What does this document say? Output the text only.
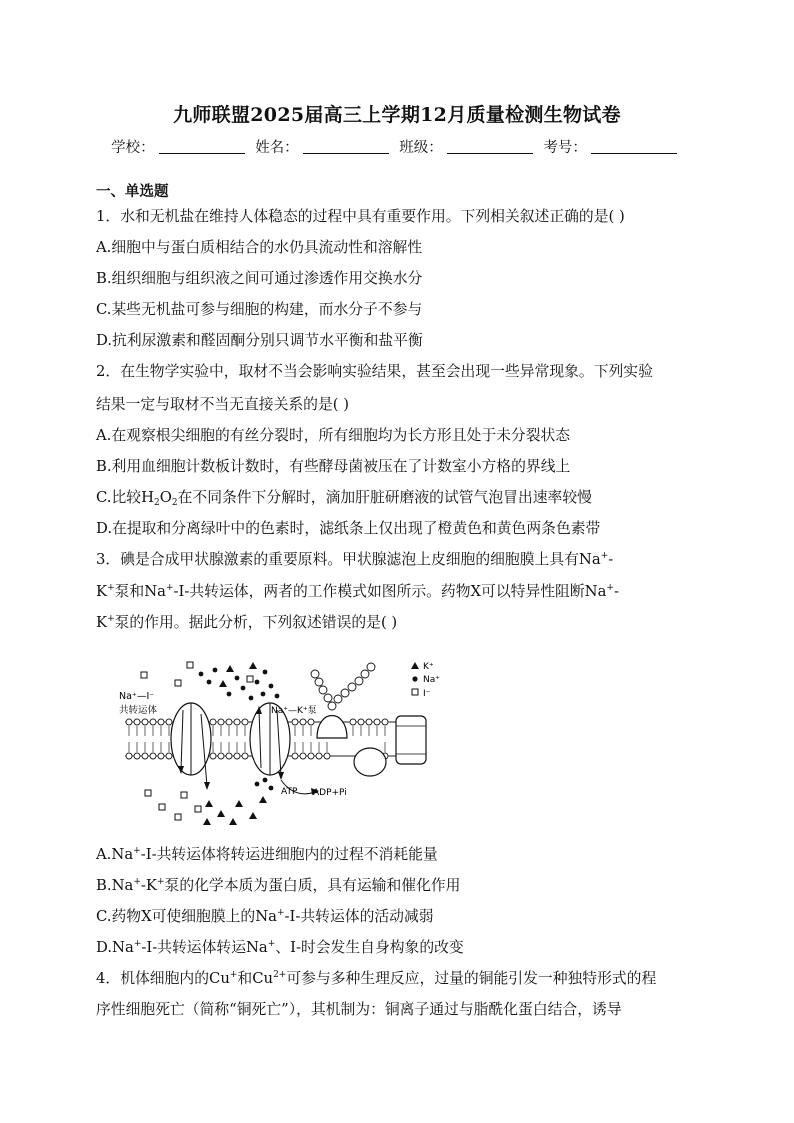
九师联盟2025届高三上学期12月质量检测生物试卷
学校：	姓名：	班级：	考号：
一、单选题
1．水和无机盐在维持人体稳态的过程中具有重要作用。下列相关叙述正确的是( )
A.细胞中与蛋白质相结合的水仍具流动性和溶解性
B.组织细胞与组织液之间可通过渗透作用交换水分
C.某些无机盐可参与细胞的构建，而水分子不参与
D.抗利尿激素和醛固酮分别只调节水平衡和盐平衡
2．在生物学实验中，取材不当会影响实验结果，甚至会出现一些异常现象。下列实验
结果一定与取材不当无直接关系的是( )
A.在观察根尖细胞的有丝分裂时，所有细胞均为长方形且处于未分裂状态
B.利用血细胞计数板计数时，有些酵母菌被压在了计数室小方格的界线上
C.比较$H_2O_2$在不同条件下分解时，滴加肝脏研磨液的试管气泡冒出速率较慢
D.在提取和分离绿叶中的色素时，滤纸条上仅出现了橙黄色和黄色两条色素带
3．碘是合成甲状腺激素的重要原料。甲状腺滤泡上皮细胞的细胞膜上具有Na+-
K+泵和Na+-I-共转运体，两者的工作模式如图所示。药物X可以特异性阻断Na+-
K+泵的作用。据此分析，下列叙述错误的是( )
Na⁺—I⁻
共转运体	Na⁺—K⁺泵
ATP ADP+Pi
K⁺
Na⁺
I⁻
A.Na+-I-共转运体将转运进细胞内的过程不消耗能量
B.Na+-K+泵的化学本质为蛋白质，具有运输和催化作用
C.药物X可使细胞膜上的Na+-I-共转运体的活动减弱
D.Na+-I-共转运体转运Na+、I-时会发生自身构象的改变
4．机体细胞内的Cu+和$Cu^{2+}$可参与多种生理反应，过量的铜能引发一种独特形式的程
序性细胞死亡（简称“铜死亡”），其机制为：铜离子通过与脂酰化蛋白结合，诱导
